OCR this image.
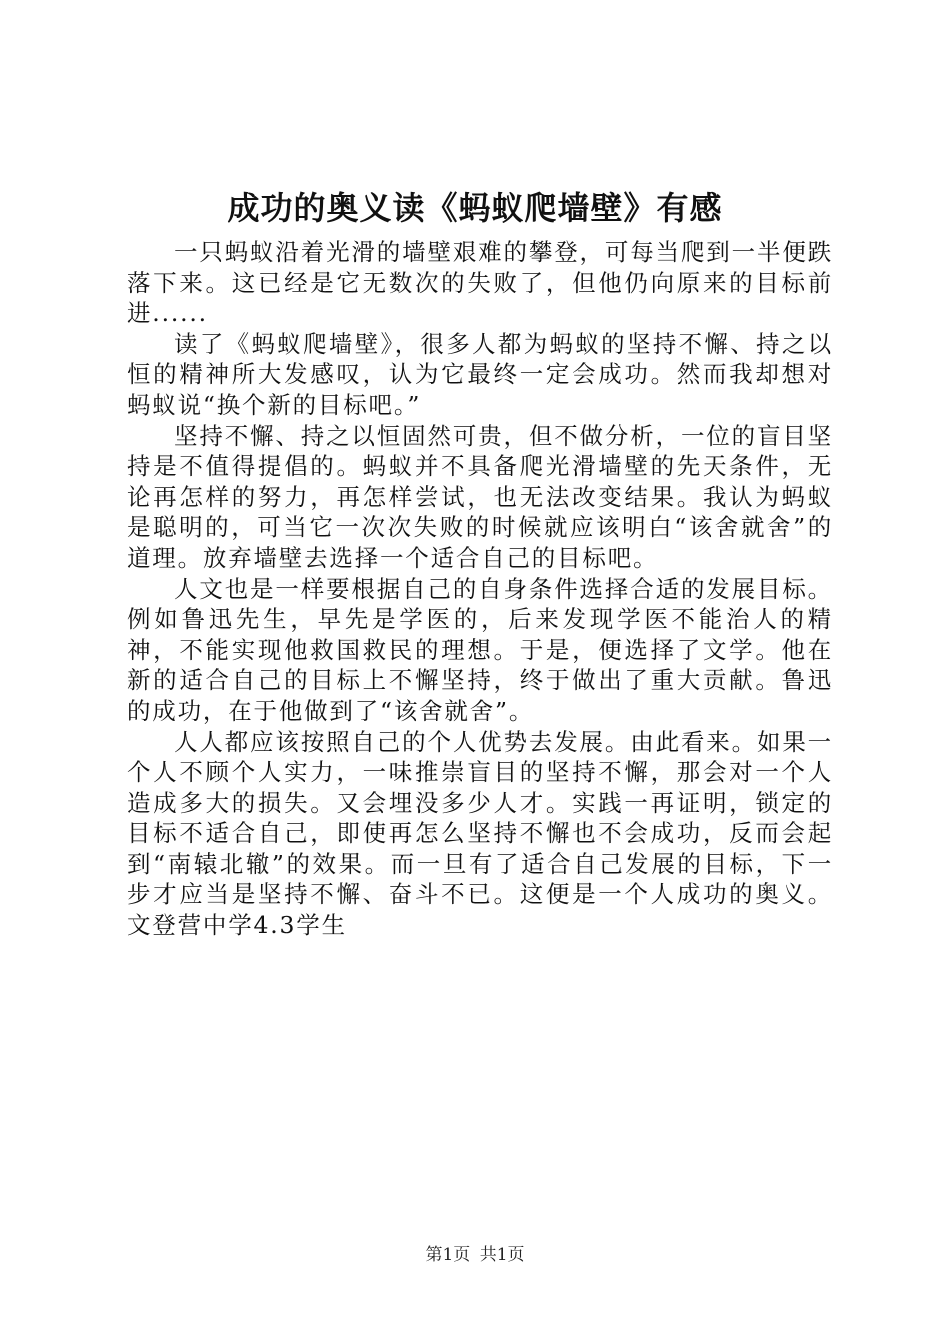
成功的奥义读《蚂蚁爬墙壁》有感

一只蚂蚁沿着光滑的墙壁艰难的攀登，可每当爬到一半便跌落下来。这已经是它无数次的失败了，但他仍向原来的目标前进......

读了《蚂蚁爬墙壁》，很多人都为蚂蚁的坚持不懈、持之以恒的精神所大发感叹，认为它最终一定会成功。然而我却想对蚂蚁说“换个新的目标吧。”

坚持不懈、持之以恒固然可贵，但不做分析，一位的盲目坚持是不值得提倡的。蚂蚁并不具备爬光滑墙壁的先天条件，无论再怎样的努力，再怎样尝试，也无法改变结果。我认为蚂蚁是聪明的，可当它一次次失败的时候就应该明白“该舍就舍”的道理。放弃墙壁去选择一个适合自己的目标吧。

人文也是一样要根据自己的自身条件选择合适的发展目标。例如鲁迅先生，早先是学医的，后来发现学医不能治人的精神，不能实现他救国救民的理想。于是，便选择了文学。他在新的适合自己的目标上不懈坚持，终于做出了重大贡献。鲁迅的成功，在于他做到了“该舍就舍”。

人人都应该按照自己的个人优势去发展。由此看来。如果一个人不顾个人实力，一味推崇盲目的坚持不懈，那会对一个人造成多大的损失。又会埋没多少人才。实践一再证明，锁定的目标不适合自己，即使再怎么坚持不懈也不会成功，反而会起到“南辕北辙”的效果。而一旦有了适合自己发展的目标，下一步才应当是坚持不懈、奋斗不已。这便是一个人成功的奥义。文登营中学4.3学生

第1页 共1页
